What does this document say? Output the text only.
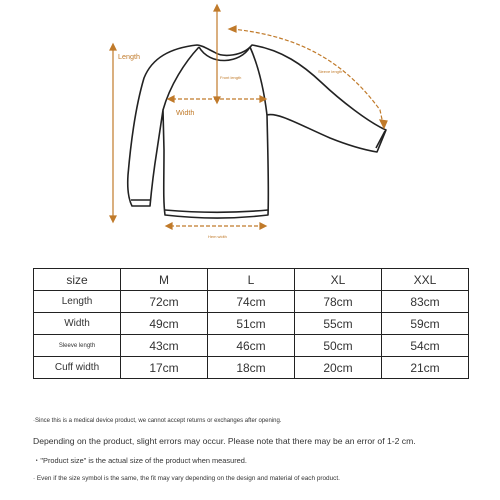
Length
Width
Front length
Sleeve length
Hem width
size	M	L	XL	XXL
Length	72cm	74cm	78cm	83cm
Width	49cm	51cm	55cm	59cm
Sleeve length	43cm	46cm	50cm	54cm
Cuff width	17cm	18cm	20cm	21cm

·Since this is a medical device product, we cannot accept returns or exchanges after opening.

Depending on the product, slight errors may occur. Please note that there may be an error of 1-2 cm.

・"Product size" is the actual size of the product when measured.

· Even if the size symbol is the same, the fit may vary depending on the design and material of each product.
